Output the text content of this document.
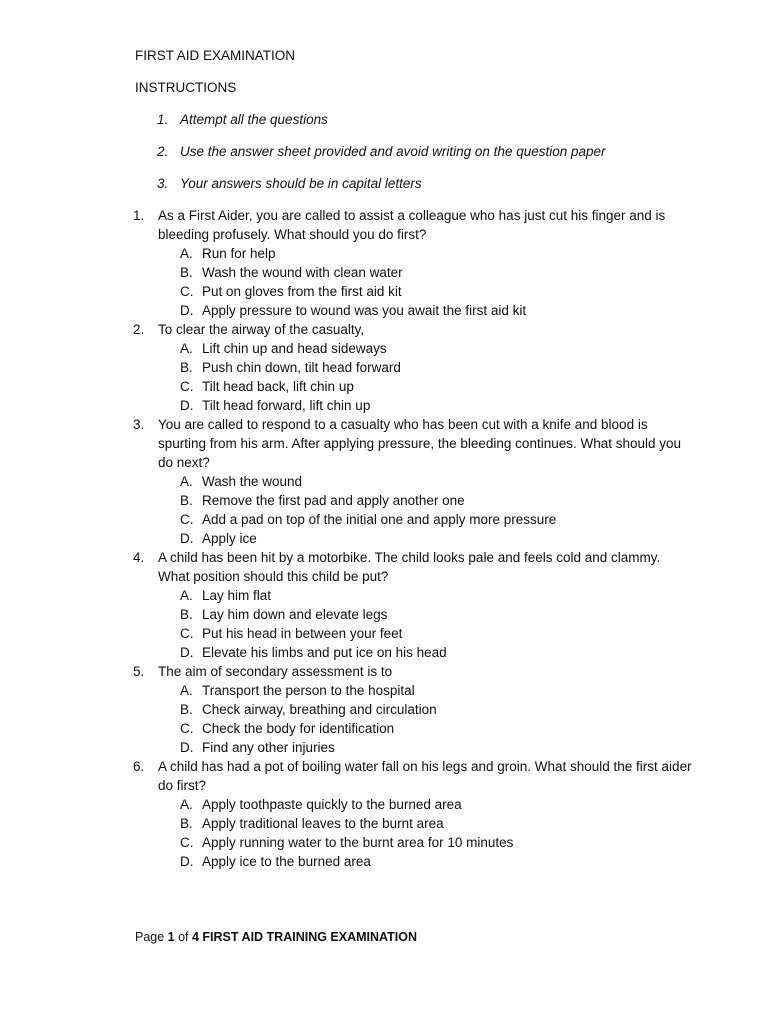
FIRST AID EXAMINATION
INSTRUCTIONS
1. Attempt all the questions
2. Use the answer sheet provided and avoid writing on the question paper
3. Your answers should be in capital letters
1.	As a First Aider, you are called to assist a colleague who has just cut his finger and is bleeding profusely. What should you do first?
A. Run for help
B. Wash the wound with clean water
C. Put on gloves from the first aid kit
D. Apply pressure to wound was you await the first aid kit
2.	To clear the airway of the casualty,
A. Lift chin up and head sideways
B. Push chin down, tilt head forward
C. Tilt head back, lift chin up
D. Tilt head forward, lift chin up
3.	You are called to respond to a casualty who has been cut with a knife and blood is spurting from his arm. After applying pressure, the bleeding continues. What should you do next?
A. Wash the wound
B. Remove the first pad and apply another one
C. Add a pad on top of the initial one and apply more pressure
D. Apply ice
4.	A child has been hit by a motorbike. The child looks pale and feels cold and clammy. What position should this child be put?
A. Lay him flat
B. Lay him down and elevate legs
C. Put his head in between your feet
D. Elevate his limbs and put ice on his head
5.	The aim of secondary assessment is to
A. Transport the person to the hospital
B. Check airway, breathing and circulation
C. Check the body for identification
D. Find any other injuries
6.	A child has had a pot of boiling water fall on his legs and groin. What should the first aider do first?
A. Apply toothpaste quickly to the burned area
B. Apply traditional leaves to the burnt area
C. Apply running water to the burnt area for 10 minutes
D. Apply ice to the burned area
Page 1 of 4 FIRST AID TRAINING EXAMINATION
